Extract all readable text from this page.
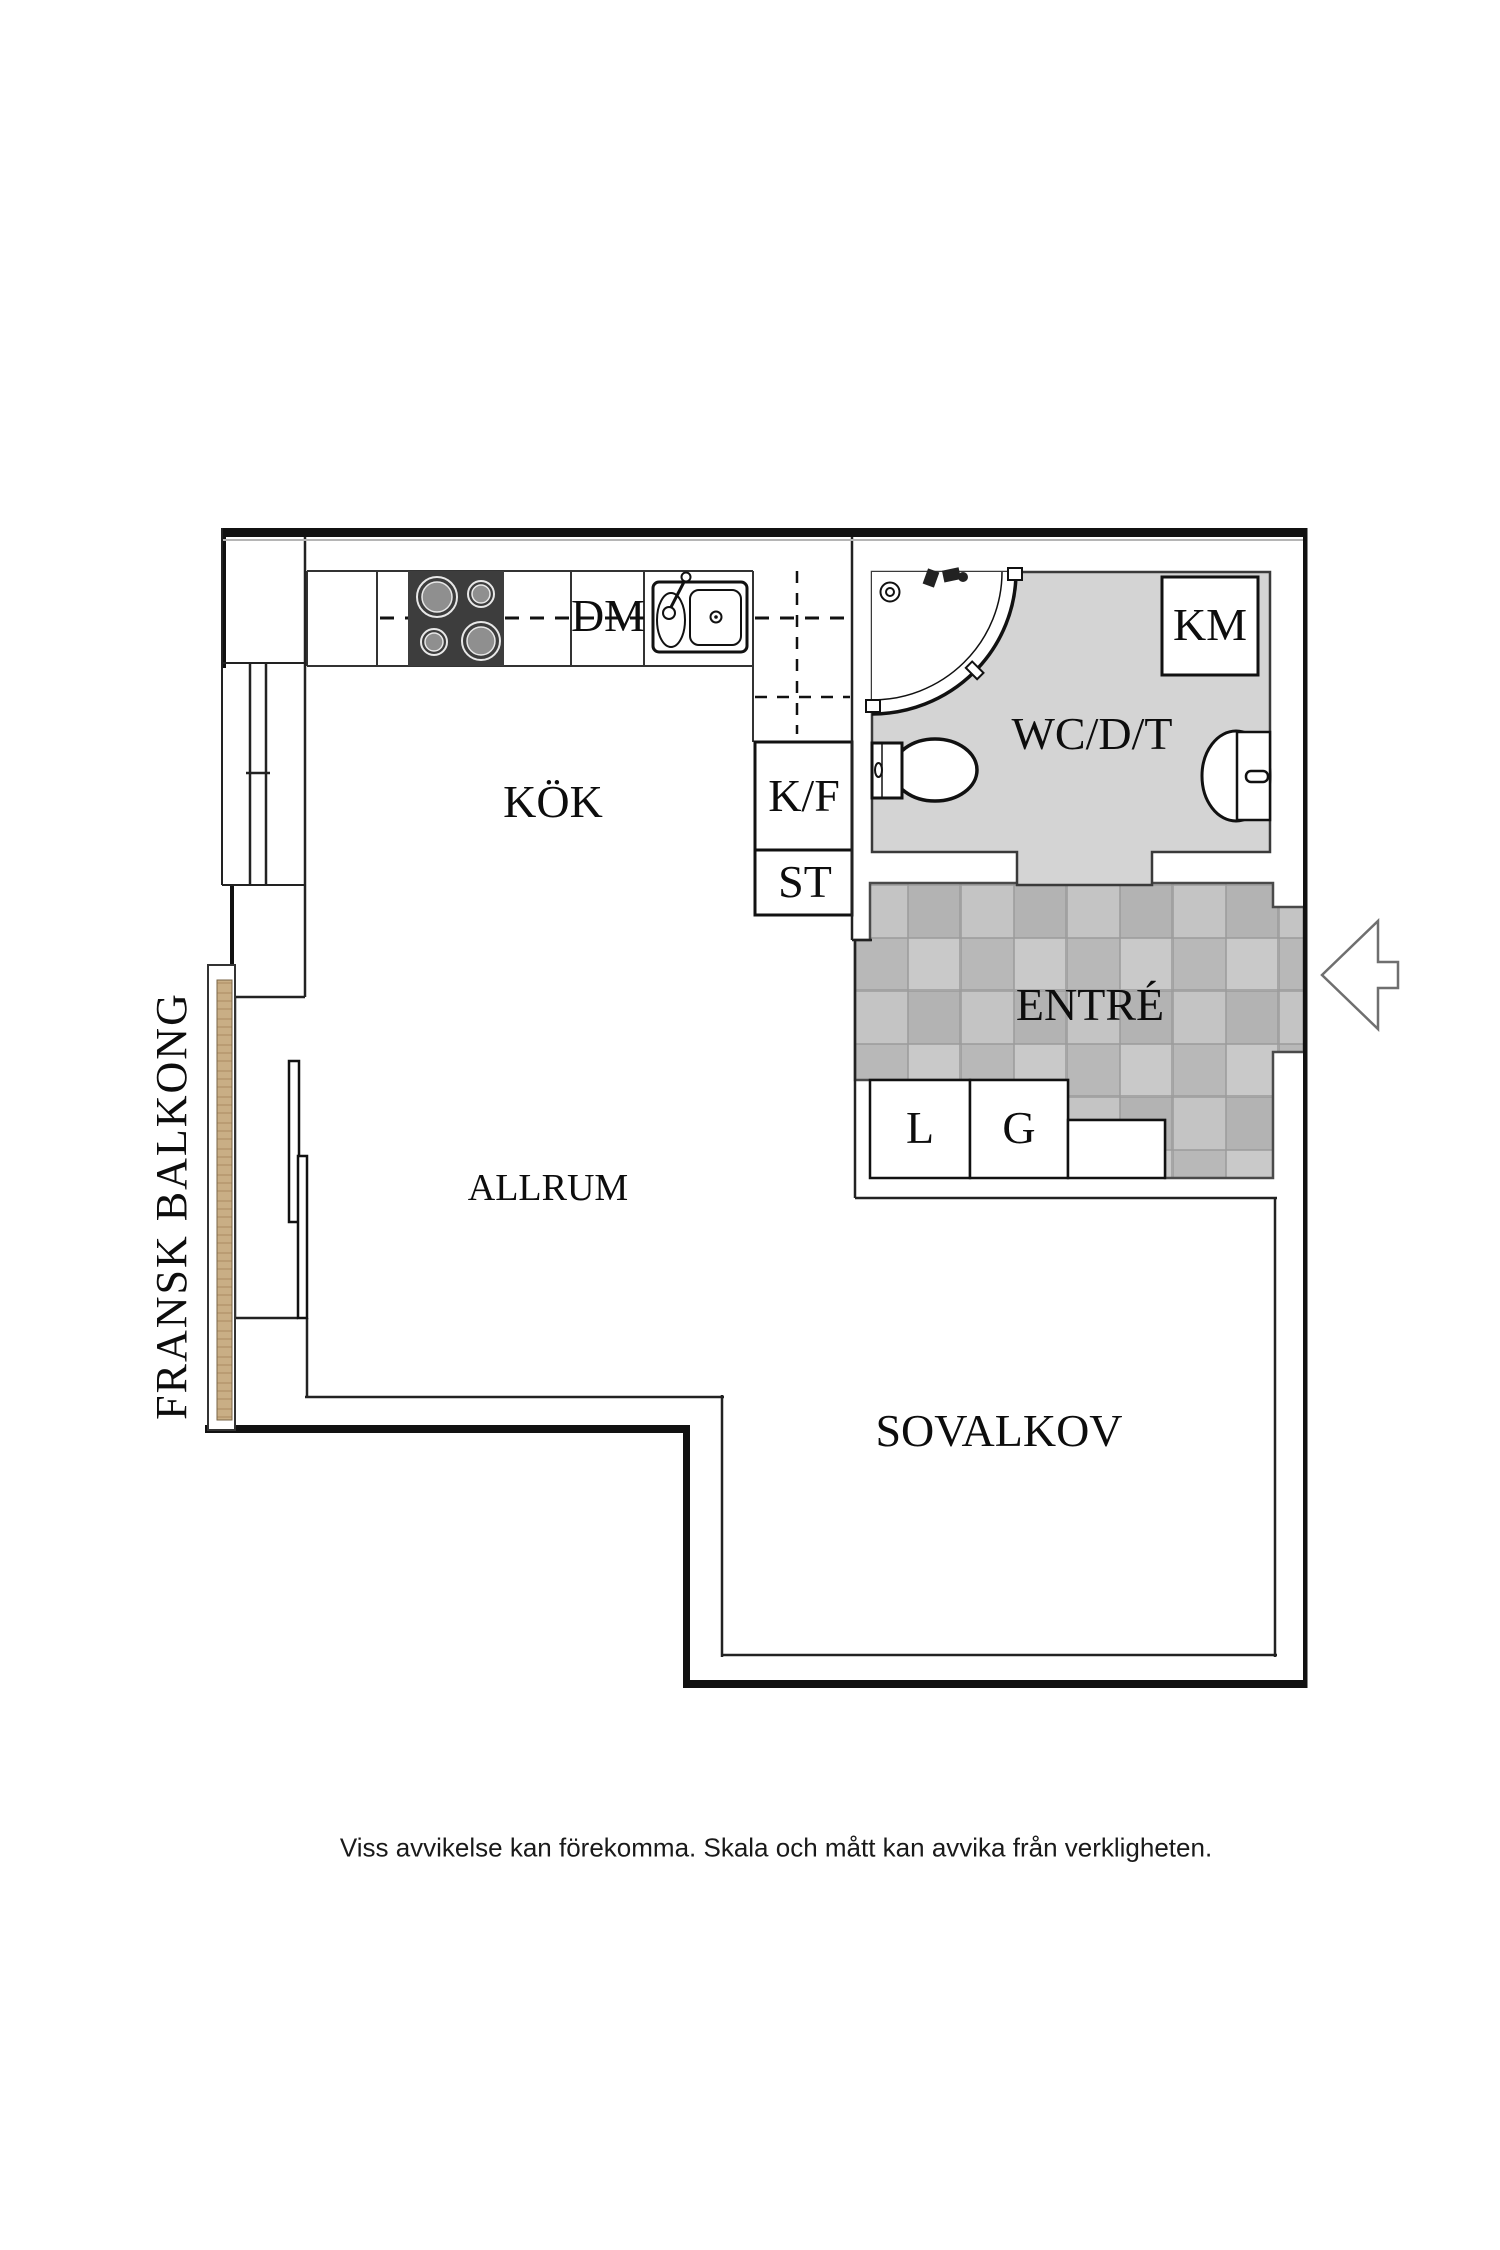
KÖK
DM
K/F
ST
WC/D/T
KM
ENTRÉ
L G
ALLRUM
SOVALKOV
FRANSK BALKONG
Viss avvikelse kan förekomma. Skala och mått kan avvika från verkligheten.
